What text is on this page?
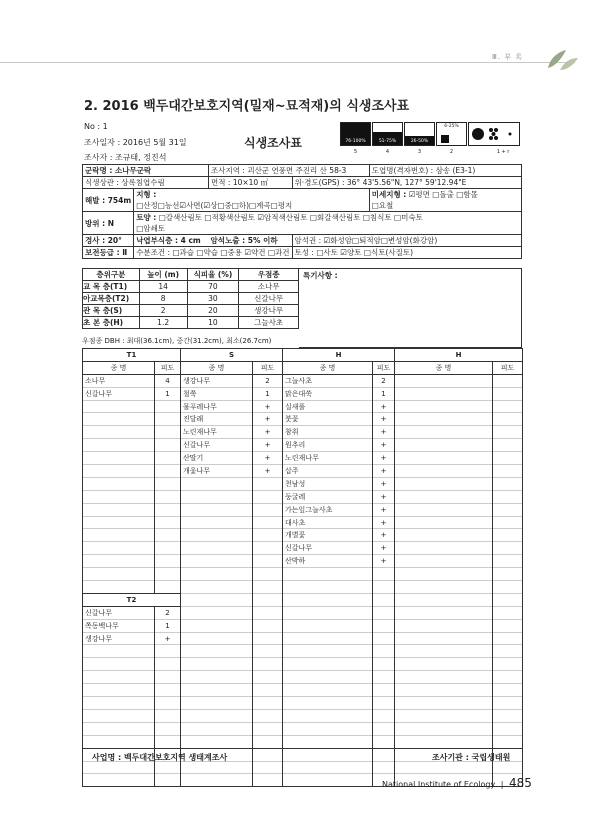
Ⅲ. 부 록
2. 2016 백두대간보호지역(밀재~묘적재)의 식생조사표
No : 1
조사일자 : 2016년 5월 31일
조사자 : 조규태, 정진석
식생조사표	76-100%	51-75%	26-50%
6-25%
5	4	3	2	1 + r
군락명 : 소나무군락		조사지역 : 괴산군 연풍면 주진리 산 58-3		도엽명(격자번호) : 삼송 (E3-1)
식생상관 : 상록침엽수림		면적 : 10×10 ㎡	위·경도(GPS) : 36° 43'5.56"N, 127° 59'12.94"E	
해발 : 754m	지형 :			미세지형 : ☑평면 □돌출 □함몰
	□산정□능선☑사면(☑상□중□하)□계곡□평지			□요철
방위 : N	토양 : □갈색산림토 □적황색산림토 ☑암적색산림토 □회갈색산림토 □침식토 □미숙토			
	□암쇄토			
경사 : 20°	낙엽부식층 : 4 cm	암석노출 : 5% 이하	암석권 : ☑화성암□퇴적암□변성암(화강암)	
보전등급 : Ⅱ	수분조건 : □과습 □약습 □중용 ☑약건 □과건		토성 : □사토 ☑양토 □식토(사질토)	
층위구분	높이 (m)	식피율 (%)	우점종
교 목 층(T1)	14	70	소나무
아교목층(T2)	8	30	신갈나무
관 목 층(S)	2	20	생강나무
초 본 층(H)	1.2	10	그늘사초
우점종 DBH : 최대(36.1cm), 중간(31.2cm), 최소(26.7cm)
특기사항 :
T1		S		H		H	
종 명	피도	종 명	피도	종 명	피도	종 명	피도
소나무	4	생강나무	2	그늘사초	2		
신갈나무	1	철쭉	1	맑은대쑥	1		
		물푸레나무	+	실새풀	+		
		진달래	+	붓꽃	+		
		노린재나무	+	참취	+		
		신갈나무	+	원추리	+		
		산딸기	+	노린재나무	+		
		개옻나무	+	삽주	+		
				천남성	+		
				둥굴레	+		
				가는잎그늘사초	+		
				대사초	+		
				개별꽃	+		
				신갈나무	+		
				산박하	+		

T2							
신갈나무	2						
쪽동백나무	1						
생강나무	+						

사업명 : 백두대간보호지역 생태계조사	조사기관 : 국립생태원
National Institute of Ecology | 485
